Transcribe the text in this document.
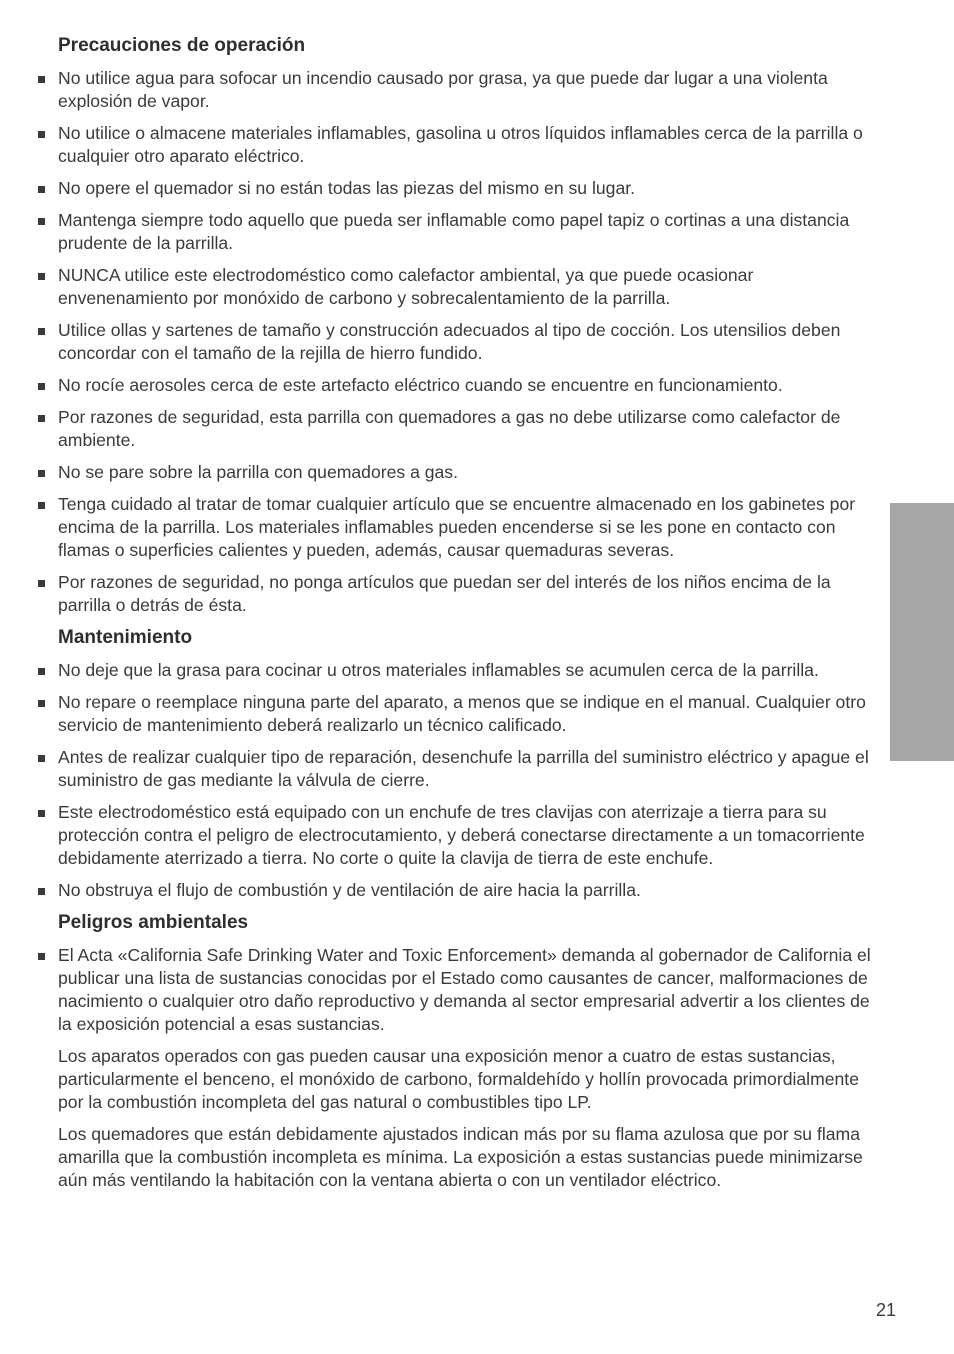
Precauciones de operación
No utilice agua para sofocar un incendio causado por grasa, ya que puede dar lugar a una violenta explosión de vapor.
No utilice o almacene materiales inflamables, gasolina u otros líquidos inflamables cerca de la parrilla o cualquier otro aparato eléctrico.
No opere el quemador si no están todas las piezas del mismo en su lugar.
Mantenga siempre todo aquello que pueda ser inflamable como papel tapiz o cortinas a una distancia prudente de la parrilla.
NUNCA utilice este electrodoméstico como calefactor ambiental, ya que puede ocasionar envenenamiento por monóxido de carbono y sobrecalentamiento de la parrilla.
Utilice ollas y sartenes de tamaño y construcción adecuados al tipo de cocción. Los utensilios deben concordar con el tamaño de la rejilla de hierro fundido.
No rocíe aerosoles cerca de este artefacto eléctrico cuando se encuentre en funcionamiento.
Por razones de seguridad, esta parrilla con quemadores a gas no debe utilizarse como calefactor de ambiente.
No se pare sobre la parrilla con quemadores a gas.
Tenga cuidado al tratar de tomar cualquier artículo que se encuentre almacenado en los gabinetes por encima de la parrilla. Los materiales inflamables pueden encenderse si se les pone en contacto con flamas o superficies calientes y pueden, además, causar quemaduras severas.
Por razones de seguridad, no ponga artículos que puedan ser del interés de los niños encima de la parrilla o detrás de ésta.
Mantenimiento
No deje que la grasa para cocinar u otros materiales inflamables se acumulen cerca de la parrilla.
No repare o reemplace ninguna parte del aparato, a menos que se indique en el manual. Cualquier otro servicio de mantenimiento deberá realizarlo un técnico calificado.
Antes de realizar cualquier tipo de reparación, desenchufe la parrilla del suministro eléctrico y apague el suministro de gas mediante la válvula de cierre.
Este electrodoméstico está equipado con un enchufe de tres clavijas con aterrizaje a tierra para su protección contra el peligro de electrocutamiento, y deberá conectarse directamente a un tomacorriente debidamente aterrizado a tierra. No corte o quite la clavija de tierra de este enchufe.
No obstruya el flujo de combustión y de ventilación de aire hacia la parrilla.
Peligros ambientales
El Acta «California Safe Drinking Water and Toxic Enforcement» demanda al gobernador de California el publicar una lista de sustancias conocidas por el Estado como causantes de cancer, malformaciones de nacimiento o cualquier otro daño reproductivo y demanda al sector empresarial advertir a los clientes de la exposición potencial a esas sustancias.

Los aparatos operados con gas pueden causar una exposición menor a cuatro de estas sustancias, particularmente el benceno, el monóxido de carbono, formaldehído y hollín provocada primordialmente por la combustión incompleta del gas natural o combustibles tipo LP.

Los quemadores que están debidamente ajustados indican más por su flama azulosa que por su flama amarilla que la combustión incompleta es mínima. La exposición a estas sustancias puede minimizarse aún más ventilando la habitación con la ventana abierta o con un ventilador eléctrico.

21
